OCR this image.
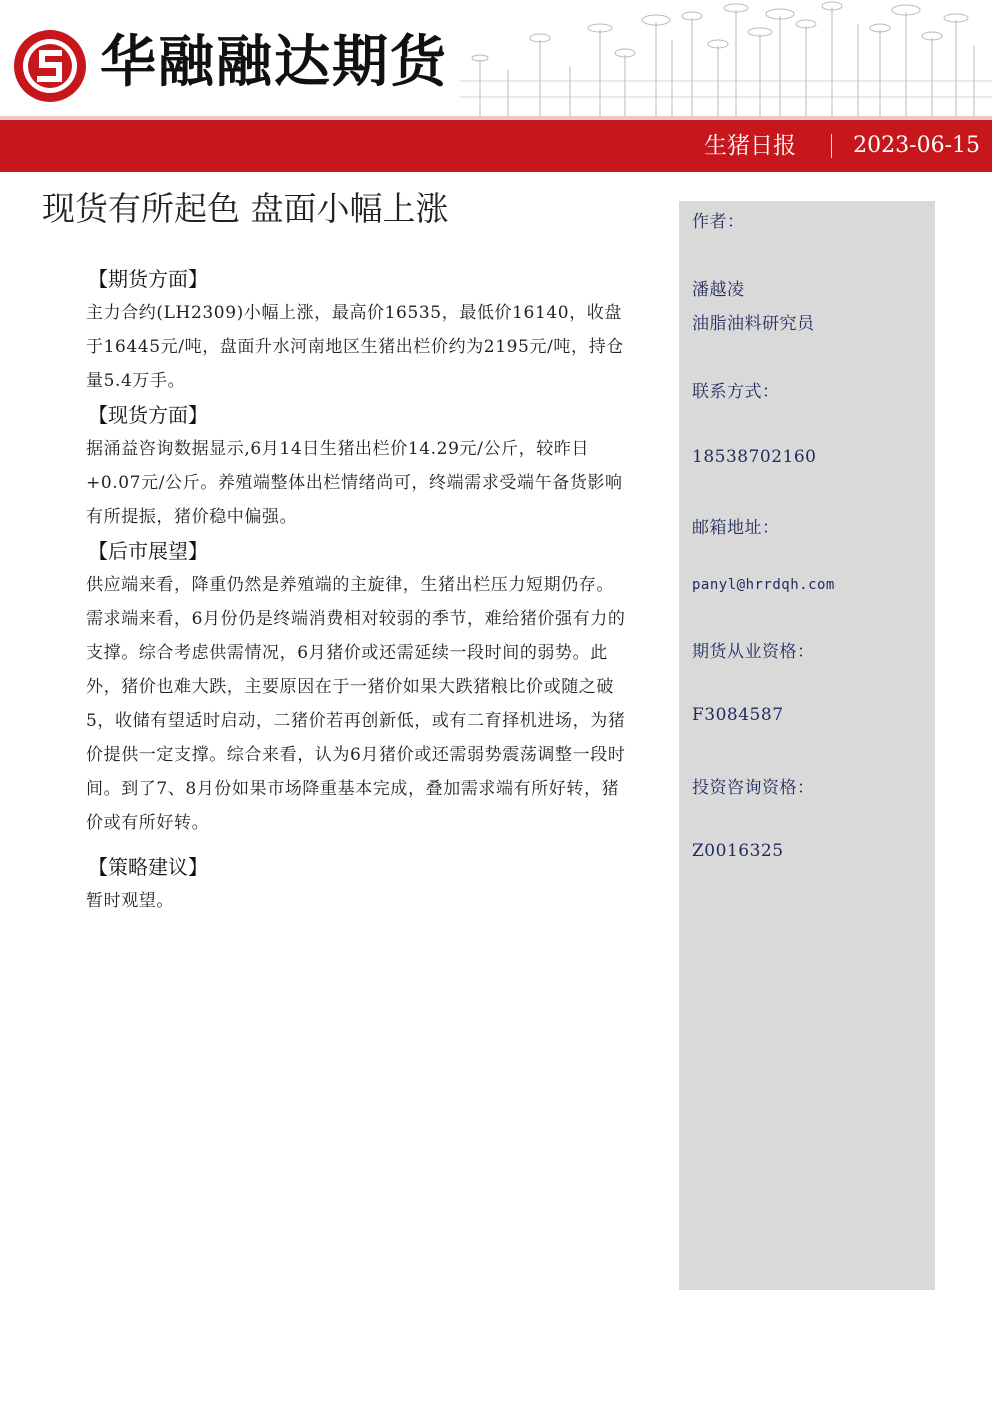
华融融达期货
生猪日报	2023-06-15
现货有所起色 盘面小幅上涨
【期货方面】

主力合约(LH2309)小幅上涨，最高价16535，最低价16140，收盘于16445元/吨，盘面升水河南地区生猪出栏价约为2195元/吨，持仓量5.4万手。

【现货方面】

据涌益咨询数据显示,6月14日生猪出栏价14.29元/公斤，较昨日+0.07元/公斤。养殖端整体出栏情绪尚可，终端需求受端午备货影响有所提振，猪价稳中偏强。

【后市展望】

供应端来看，降重仍然是养殖端的主旋律，生猪出栏压力短期仍存。需求端来看，6月份仍是终端消费相对较弱的季节，难给猪价强有力的支撑。综合考虑供需情况，6月猪价或还需延续一段时间的弱势。此外，猪价也难大跌，主要原因在于一猪价如果大跌猪粮比价或随之破5，收储有望适时启动，二猪价若再创新低，或有二育择机进场，为猪价提供一定支撑。综合来看，认为6月猪价或还需弱势震荡调整一段时间。到了7、8月份如果市场降重基本完成，叠加需求端有所好转，猪价或有所好转。

【策略建议】

暂时观望。

作者：
潘越凌
油脂油料研究员
联系方式：
18538702160
邮箱地址：
panyl@hrrdqh.com
期货从业资格：
F3084587
投资咨询资格：
Z0016325
